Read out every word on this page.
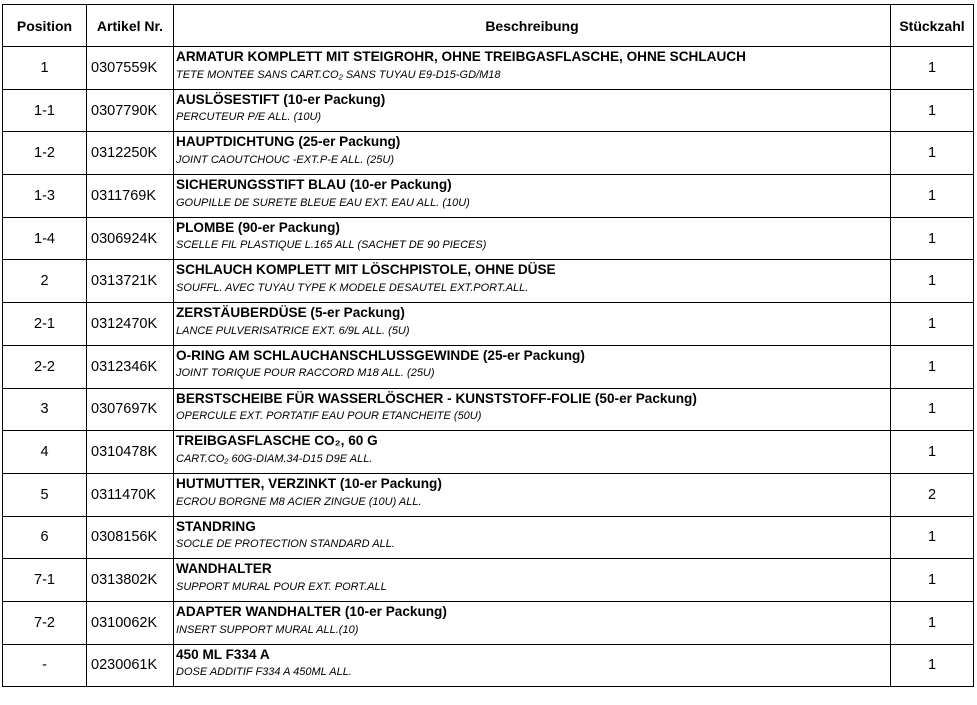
Position	Artikel Nr.	Beschreibung	Stückzahl
1	0307559K	ARMATUR KOMPLETT MIT STEIGROHR, OHNE TREIBGASFLASCHE, OHNE SCHLAUCH
TETE MONTEE SANS CART.CO₂ SANS TUYAU E9-D15-GD/M18	1
1-1	0307790K	AUSLÖSESTIFT (10-er Packung)
PERCUTEUR P/E ALL. (10U)	1
1-2	0312250K	HAUPTDICHTUNG (25-er Packung)
JOINT CAOUTCHOUC -EXT.P-E ALL. (25U)	1
1-3	0311769K	SICHERUNGSSTIFT BLAU (10-er Packung)
GOUPILLE DE SURETE BLEUE EAU EXT. EAU ALL. (10U)	1
1-4	0306924K	PLOMBE (90-er Packung)
SCELLE FIL PLASTIQUE L.165 ALL (SACHET DE 90 PIECES)	1
2	0313721K	SCHLAUCH KOMPLETT MIT LÖSCHPISTOLE, OHNE DÜSE
SOUFFL. AVEC TUYAU TYPE K MODELE DESAUTEL EXT.PORT.ALL.	1
2-1	0312470K	ZERSTÄUBERDÜSE (5-er Packung)
LANCE PULVERISATRICE EXT. 6/9L ALL. (5U)	1
2-2	0312346K	O-RING AM SCHLAUCHANSCHLUSSGEWINDE (25-er Packung)
JOINT TORIQUE POUR RACCORD M18 ALL. (25U)	1
3	0307697K	BERSTSCHEIBE FÜR WASSERLÖSCHER - KUNSTSTOFF-FOLIE (50-er Packung)
OPERCULE EXT. PORTATIF EAU POUR ETANCHEITE (50U)	1
4	0310478K	TREIBGASFLASCHE CO₂, 60 G
CART.CO₂ 60G-DIAM.34-D15 D9E ALL.	1
5	0311470K	HUTMUTTER, VERZINKT (10-er Packung)
ECROU BORGNE M8 ACIER ZINGUE (10U) ALL.	2
6	0308156K	STANDRING
SOCLE DE PROTECTION STANDARD ALL.	1
7-1	0313802K	WANDHALTER
SUPPORT MURAL POUR EXT. PORT.ALL	1
7-2	0310062K	ADAPTER WANDHALTER (10-er Packung)
INSERT SUPPORT MURAL ALL.(10)	1
-	0230061K	450 ML F334 A
DOSE ADDITIF F334 A 450ML ALL.	1
